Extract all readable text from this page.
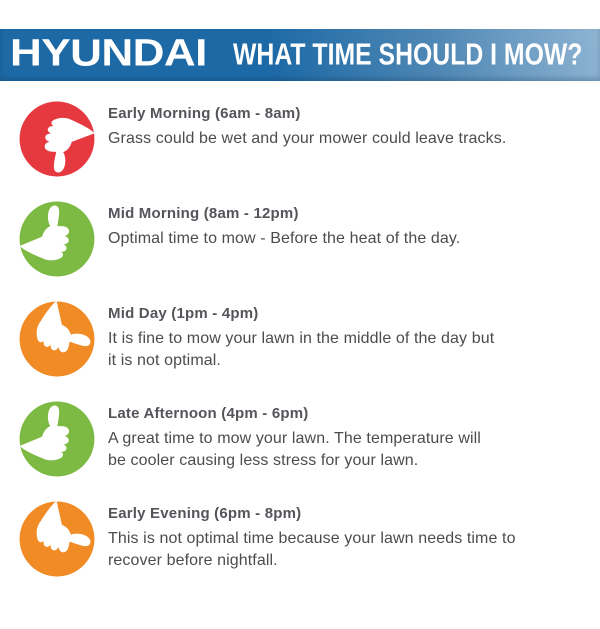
HYUNDAI WHAT TIME SHOULD I MOW?
Early Morning (6am - 8am)
Grass could be wet and your mower could leave tracks.
Mid Morning (8am - 12pm)
Optimal time to mow - Before the heat of the day.
Mid Day (1pm - 4pm)
It is fine to mow your lawn in the middle of the day but
it is not optimal.
Late Afternoon (4pm - 6pm)
A great time to mow your lawn. The temperature will
be cooler causing less stress for your lawn.
Early Evening (6pm - 8pm)
This is not optimal time because your lawn needs time to
recover before nightfall.
